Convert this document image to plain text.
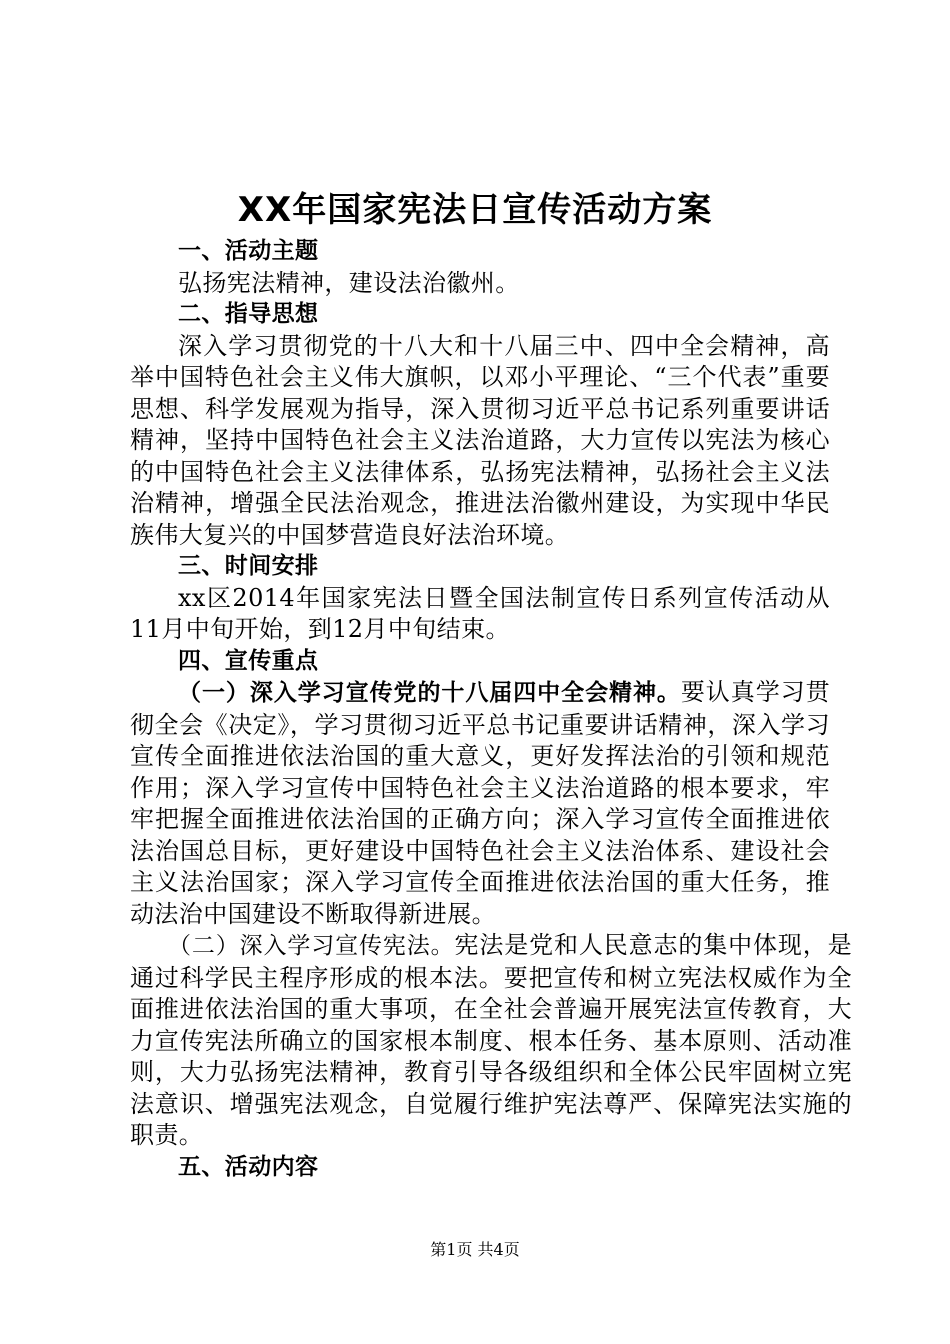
XX年国家宪法日宣传活动方案

一、活动主题

弘扬宪法精神，建设法治徽州。

二、指导思想

深入学习贯彻党的十八大和十八届三中、四中全会精神，高举中国特色社会主义伟大旗帜，以邓小平理论、“三个代表”重要思想、科学发展观为指导，深入贯彻习近平总书记系列重要讲话精神，坚持中国特色社会主义法治道路，大力宣传以宪法为核心的中国特色社会主义法律体系，弘扬宪法精神，弘扬社会主义法治精神，增强全民法治观念，推进法治徽州建设，为实现中华民族伟大复兴的中国梦营造良好法治环境。

三、时间安排

xx区2014年国家宪法日暨全国法制宣传日系列宣传活动从11月中旬开始，到12月中旬结束。

四、宣传重点

（一）深入学习宣传党的十八届四中全会精神。要认真学习贯彻全会《决定》，学习贯彻习近平总书记重要讲话精神，深入学习宣传全面推进依法治国的重大意义，更好发挥法治的引领和规范作用；深入学习宣传中国特色社会主义法治道路的根本要求，牢牢把握全面推进依法治国的正确方向；深入学习宣传全面推进依法治国总目标，更好建设中国特色社会主义法治体系、建设社会主义法治国家；深入学习宣传全面推进依法治国的重大任务，推动法治中国建设不断取得新进展。

（二）深入学习宣传宪法。宪法是党和人民意志的集中体现，是通过科学民主程序形成的根本法。要把宣传和树立宪法权威作为全面推进依法治国的重大事项，在全社会普遍开展宪法宣传教育，大力宣传宪法所确立的国家根本制度、根本任务、基本原则、活动准则，大力弘扬宪法精神，教育引导各级组织和全体公民牢固树立宪法意识、增强宪法观念，自觉履行维护宪法尊严、保障宪法实施的职责。

五、活动内容

第1页 共4页
